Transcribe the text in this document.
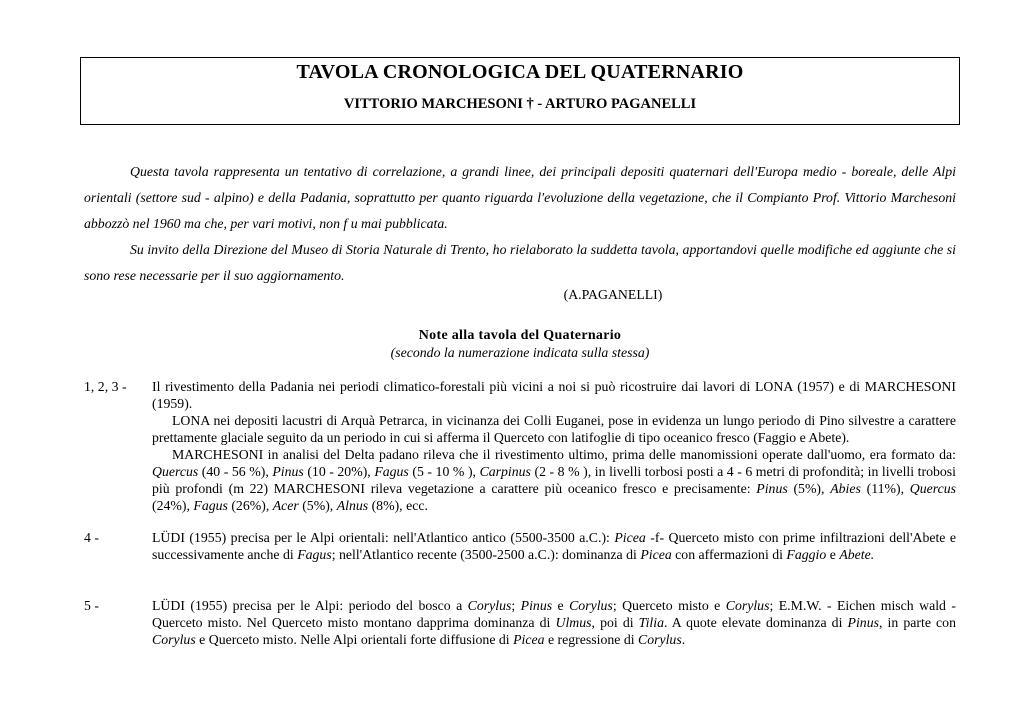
TAVOLA CRONOLOGICA DEL QUATERNARIO
VITTORIO MARCHESONI † - ARTURO PAGANELLI

Questa tavola rappresenta un tentativo di correlazione, a grandi linee, dei principali depositi quaternari dell'Europa medio - boreale, delle Alpi orientali (settore sud - alpino) e della Padania, soprattutto per quanto riguarda l'evoluzione della vegetazione, che il Compianto Prof. Vittorio Marchesoni abbozzò nel 1960 ma che, per vari motivi, non f u mai pubblicata.

Su invito della Direzione del Museo di Storia Naturale di Trento, ho rielaborato la suddetta tavola, apportandovi quelle modifiche ed aggiunte che si sono rese necessarie per il suo aggiornamento.

(A.PAGANELLI)
Note alla tavola del Quaternario
(secondo la numerazione indicata sulla stessa)
1, 2, 3 -	Il rivestimento della Padania nei periodi climatico-forestali più vicini a noi si può ricostruire dai lavori di LONA (1957) e di MARCHESONI (1959).

LONA nei depositi lacustri di Arquà Petrarca, in vicinanza dei Colli Euganei, pose in evidenza un lungo periodo di Pino silvestre a carattere prettamente glaciale seguito da un periodo in cui si afferma il Querceto con latifoglie di tipo oceanico fresco (Faggio e Abete).

MARCHESONI in analisi del Delta padano rileva che il rivestimento ultimo, prima delle manomissioni operate dall'uomo, era formato da: Quercus (40 - 56 %), Pinus (10 - 20%), Fagus (5 - 10 % ), Carpinus (2 - 8 % ), in livelli torbosi posti a 4 - 6 metri di profondità; in livelli trobosi più profondi (m 22) MARCHESONI rileva vegetazione a carattere più oceanico fresco e precisamente: Pinus (5%), Abies (11%), Quercus (24%), Fagus (26%), Acer (5%), Alnus (8%), ecc.

4 -	LÜDI (1955) precisa per le Alpi orientali: nell'Atlantico antico (5500-3500 a.C.): Picea -f- Querceto misto con prime infiltrazioni dell'Abete e successivamente anche di Fagus; nell'Atlantico recente (3500-2500 a.C.): dominanza di Picea con affermazioni di Faggio e Abete.

5 -	LÜDI (1955) precisa per le Alpi: periodo del bosco a Corylus; Pinus e Corylus; Querceto misto e Corylus; E.M.W. - Eichen misch wald - Querceto misto. Nel Querceto misto montano dapprima dominanza di Ulmus, poi di Tilia. A quote elevate dominanza di Pinus, in parte con Corylus e Querceto misto. Nelle Alpi orientali forte diffusione di Picea e regressione di Corylus.
